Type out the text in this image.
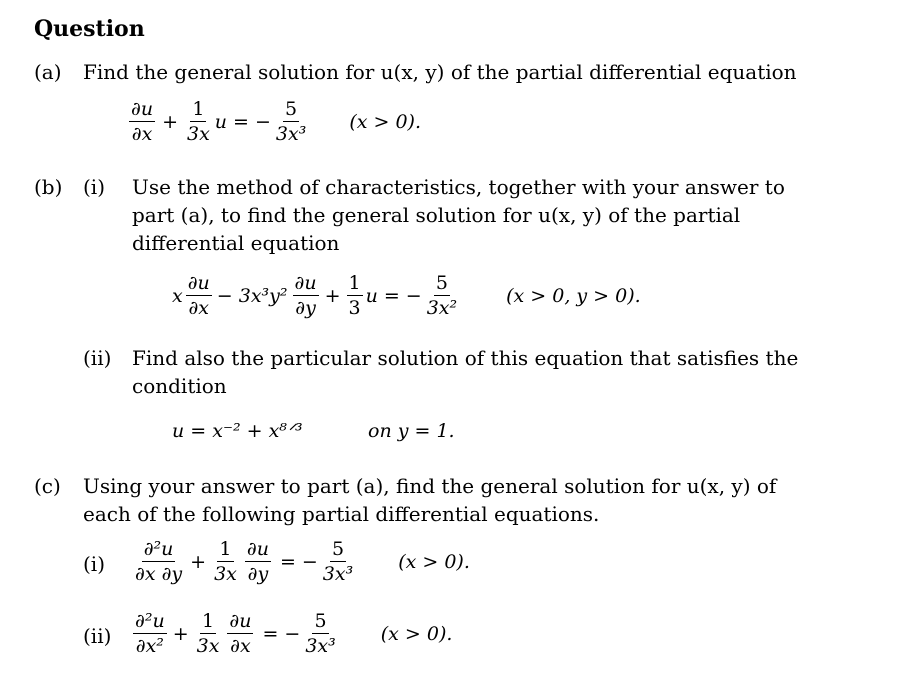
Question
(a) Find the general solution for u(x, y) of the partial differential equation
$\frac{\partial u}{\partial x} + \frac{1}{3x}$ u = − $\frac{5}{\text{3x³}} (x > 0)$.
(b) (i) Use the method of characteristics, together with your answer to
part (a), to find the general solution for u(x, y) of the partial
differential equation
x $\frac{\partial u}{\partial x} - 3x^3y^2 \frac{\partial u}{\partial y} + \frac{1}{3}$ u = − $\frac{5}{\text{3x²}} (x > 0$, y > 0).
(ii) Find also the particular solution of this equation that satisfies the
condition
u = x⁻² + x⁸ᐟ³	on y = 1.
(c) Using your answer to part (a), find the general solution for u(x, y) of
each of the following partial differential equations.
$(i) \frac{\text{∂²u}}{\partial x \partial y} + \frac{1}{3x} \frac{\partial u}{\partial y}$ = − $\frac{5}{\text{3x³}} (x > 0)$.
$(ii) \frac{\text{∂²u}}{\text{∂x²}} + \frac{1}{3x} \frac{\partial u}{\partial x}$ = − $\frac{5}{\text{3x³}} (x > 0)$.
